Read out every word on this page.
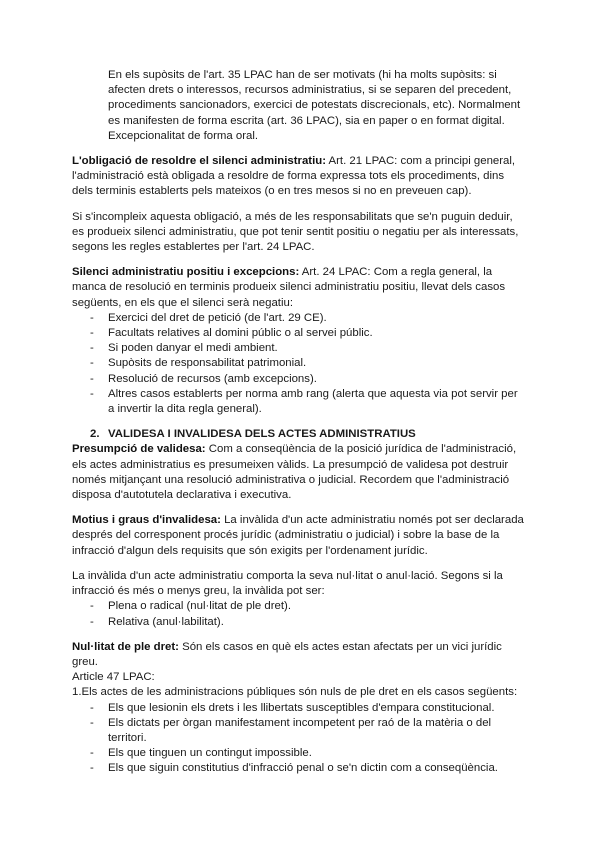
En els supòsits de l'art. 35 LPAC han de ser motivats (hi ha molts supòsits: si afecten drets o interessos, recursos administratius, si se separen del precedent, procediments sancionadors, exercici de potestats discrecionals, etc). Normalment es manifesten de forma escrita (art. 36 LPAC), sia en paper o en format digital. Excepcionalitat de forma oral.

L'obligació de resoldre el silenci administratiu: Art. 21 LPAC: com a principi general, l'administració està obligada a resoldre de forma expressa tots els procediments, dins dels terminis establerts pels mateixos (o en tres mesos si no en preveuen cap).

Si s'incompleix aquesta obligació, a més de les responsabilitats que se'n puguin deduir, es produeix silenci administratiu, que pot tenir sentit positiu o negatiu per als interessats, segons les regles establertes per l'art. 24 LPAC.

Silenci administratiu positiu i excepcions: Art. 24 LPAC: Com a regla general, la manca de resolució en terminis produeix silenci administratiu positiu, llevat dels casos següents, en els que el silenci serà negatiu:

- Exercici del dret de petició (de l'art. 29 CE).
- Facultats relatives al domini públic o al servei públic.
- Si poden danyar el medi ambient.
- Supòsits de responsabilitat patrimonial.
- Resolució de recursos (amb excepcions).
- Altres casos establerts per norma amb rang (alerta que aquesta via pot servir per a invertir la dita regla general).

2. VALIDESA I INVALIDESA DELS ACTES ADMINISTRATIUS

Presumpció de validesa: Com a conseqüència de la posició jurídica de l'administració, els actes administratius es presumeixen vàlids. La presumpció de validesa pot destruir només mitjançant una resolució administrativa o judicial. Recordem que l'administració disposa d'autotutela declarativa i executiva.

Motius i graus d'invalidesa: La invàlida d'un acte administratiu només pot ser declarada després del corresponent procés jurídic (administratiu o judicial) i sobre la base de la infracció d'algun dels requisits que són exigits per l'ordenament jurídic.

La invàlida d'un acte administratiu comporta la seva nul·litat o anul·lació. Segons si la infracció és més o menys greu, la invàlida pot ser:

- Plena o radical (nul·litat de ple dret).
- Relativa (anul·labilitat).

Nul·litat de ple dret: Són els casos en què els actes estan afectats per un vici jurídic greu.

Article 47 LPAC:

1.Els actes de les administracions públiques són nuls de ple dret en els casos següents:

- Els que lesionin els drets i les llibertats susceptibles d'empara constitucional.
- Els dictats per òrgan manifestament incompetent per raó de la matèria o del territori.
- Els que tinguen un contingut impossible.
- Els que siguin constitutius d'infracció penal o se'n dictin com a conseqüència.
